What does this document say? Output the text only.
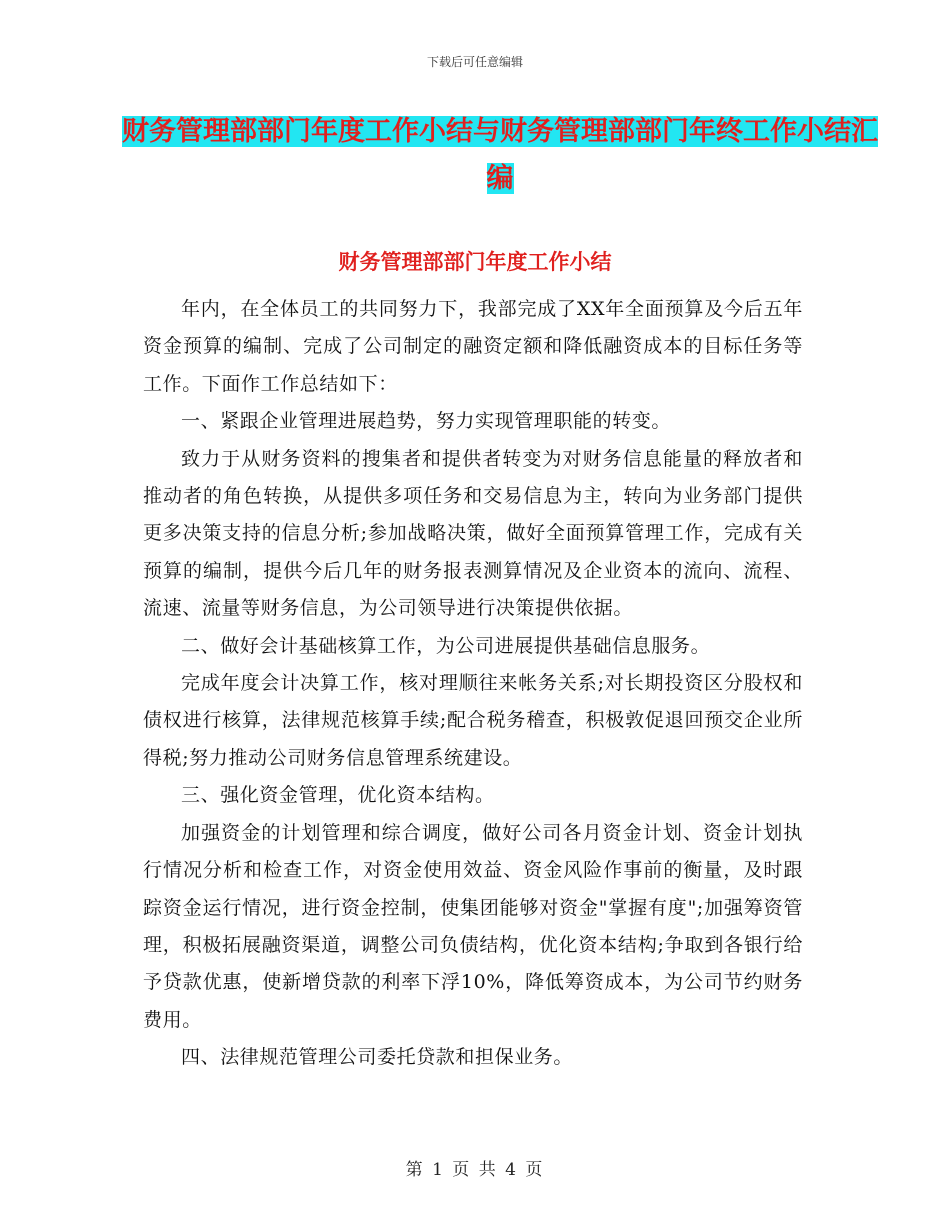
下载后可任意编辑
财务管理部部门年度工作小结与财务管理部部门年终工作小结汇编
财务管理部部门年度工作小结

年内，在全体员工的共同努力下，我部完成了XX年全面预算及今后五年资金预算的编制、完成了公司制定的融资定额和降低融资成本的目标任务等工作。下面作工作总结如下：

一、紧跟企业管理进展趋势，努力实现管理职能的转变。

致力于从财务资料的搜集者和提供者转变为对财务信息能量的释放者和推动者的角色转换，从提供多项任务和交易信息为主，转向为业务部门提供更多决策支持的信息分析;参加战略决策，做好全面预算管理工作，完成有关预算的编制，提供今后几年的财务报表测算情况及企业资本的流向、流程、流速、流量等财务信息，为公司领导进行决策提供依据。

二、做好会计基础核算工作，为公司进展提供基础信息服务。

完成年度会计决算工作，核对理顺往来帐务关系;对长期投资区分股权和债权进行核算，法律规范核算手续;配合税务稽查，积极敦促退回预交企业所得税;努力推动公司财务信息管理系统建设。

三、强化资金管理，优化资本结构。

加强资金的计划管理和综合调度，做好公司各月资金计划、资金计划执行情况分析和检查工作，对资金使用效益、资金风险作事前的衡量，及时跟踪资金运行情况，进行资金控制，使集团能够对资金"掌握有度";加强筹资管理，积极拓展融资渠道，调整公司负债结构，优化资本结构;争取到各银行给予贷款优惠，使新增贷款的利率下浮10%，降低筹资成本，为公司节约财务费用。

四、法律规范管理公司委托贷款和担保业务。

第 1 页 共 4 页
